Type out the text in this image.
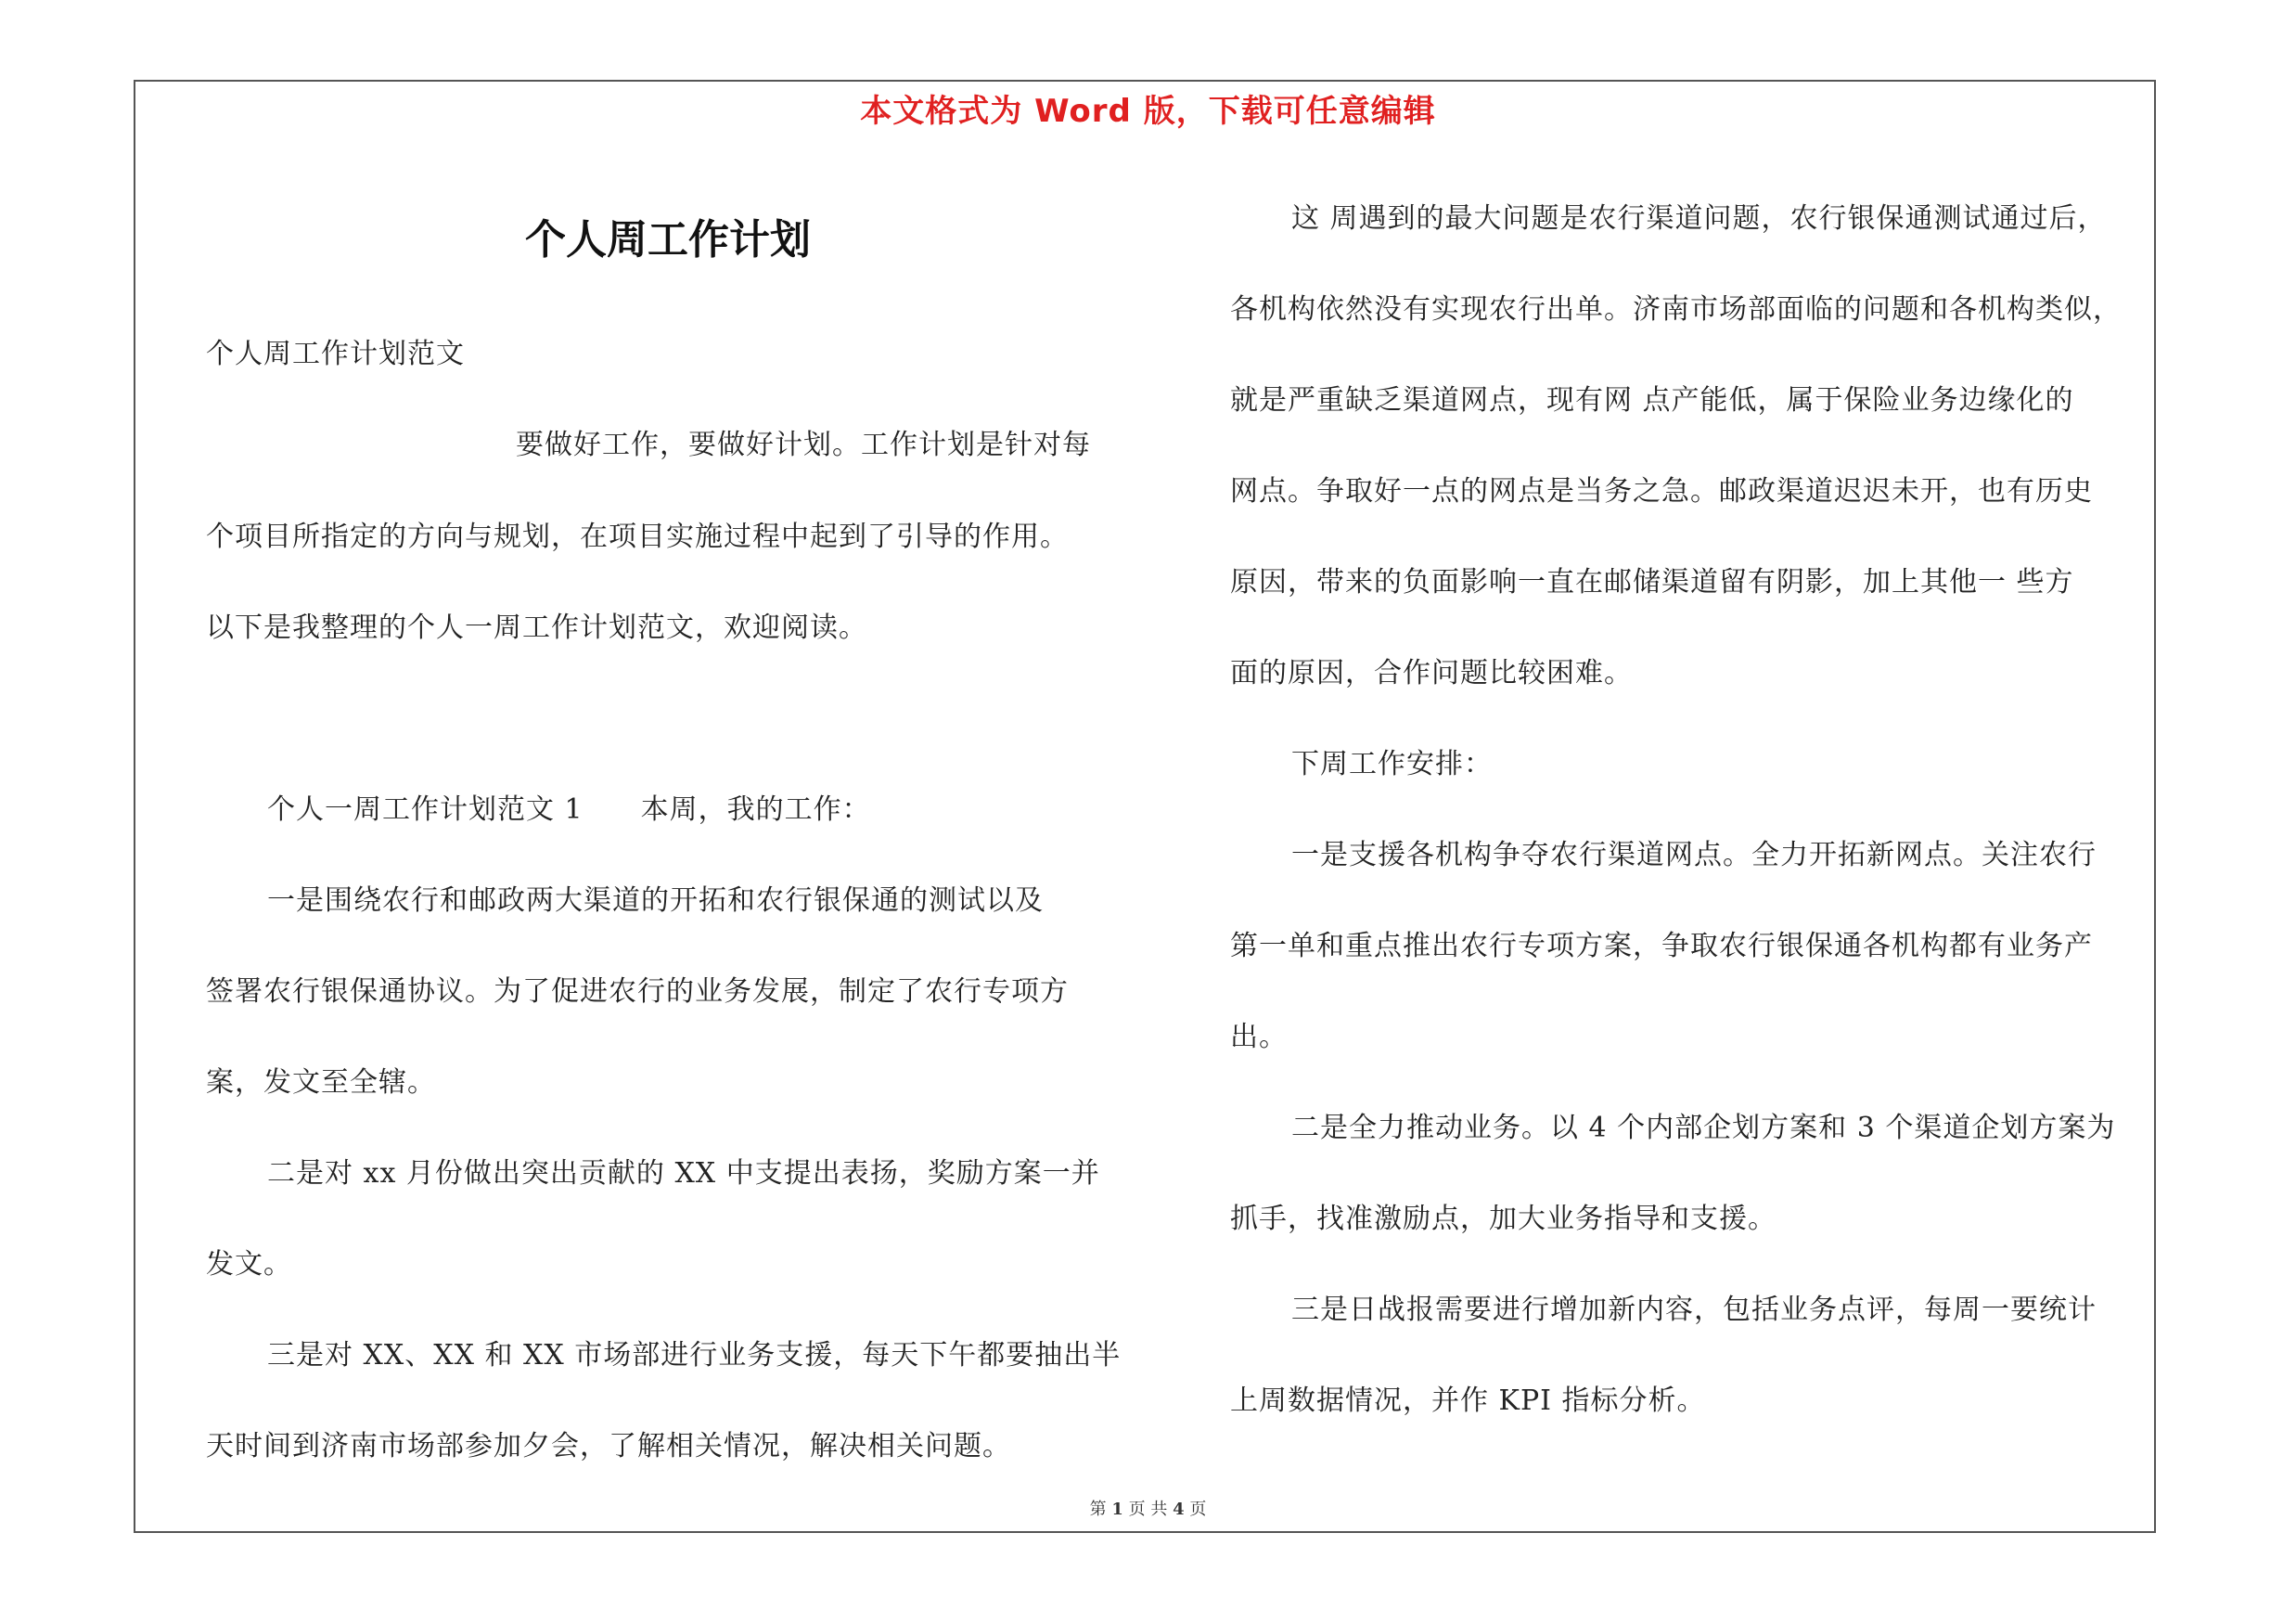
本文格式为 Word 版，下载可任意编辑
个人周工作计划
个人周工作计划范文
要做好工作，要做好计划。工作计划是针对每
个项目所指定的方向与规划，在项目实施过程中起到了引导的作用。
以下是我整理的个人一周工作计划范文，欢迎阅读。
个人一周工作计划范文 1　　本周，我的工作：
一是围绕农行和邮政两大渠道的开拓和农行银保通的测试以及
签署农行银保通协议。为了促进农行的业务发展，制定了农行专项方
案，发文至全辖。
二是对 xx 月份做出突出贡献的 XX 中支提出表扬，奖励方案一并
发文。
三是对 XX、XX 和 XX 市场部进行业务支援，每天下午都要抽出半
天时间到济南市场部参加夕会，了解相关情况，解决相关问题。
这 周遇到的最大问题是农行渠道问题，农行银保通测试通过后，
各机构依然没有实现农行出单。济南市场部面临的问题和各机构类似，
就是严重缺乏渠道网点，现有网 点产能低，属于保险业务边缘化的
网点。争取好一点的网点是当务之急。邮政渠道迟迟未开，也有历史
原因，带来的负面影响一直在邮储渠道留有阴影，加上其他一 些方
面的原因，合作问题比较困难。
下周工作安排：
一是支援各机构争夺农行渠道网点。全力开拓新网点。关注农行
第一单和重点推出农行专项方案，争取农行银保通各机构都有业务产
出。
二是全力推动业务。以 4 个内部企划方案和 3 个渠道企划方案为
抓手，找准激励点，加大业务指导和支援。
三是日战报需要进行增加新内容，包括业务点评，每周一要统计
上周数据情况，并作 KPI 指标分析。
第 1 页 共 4 页
